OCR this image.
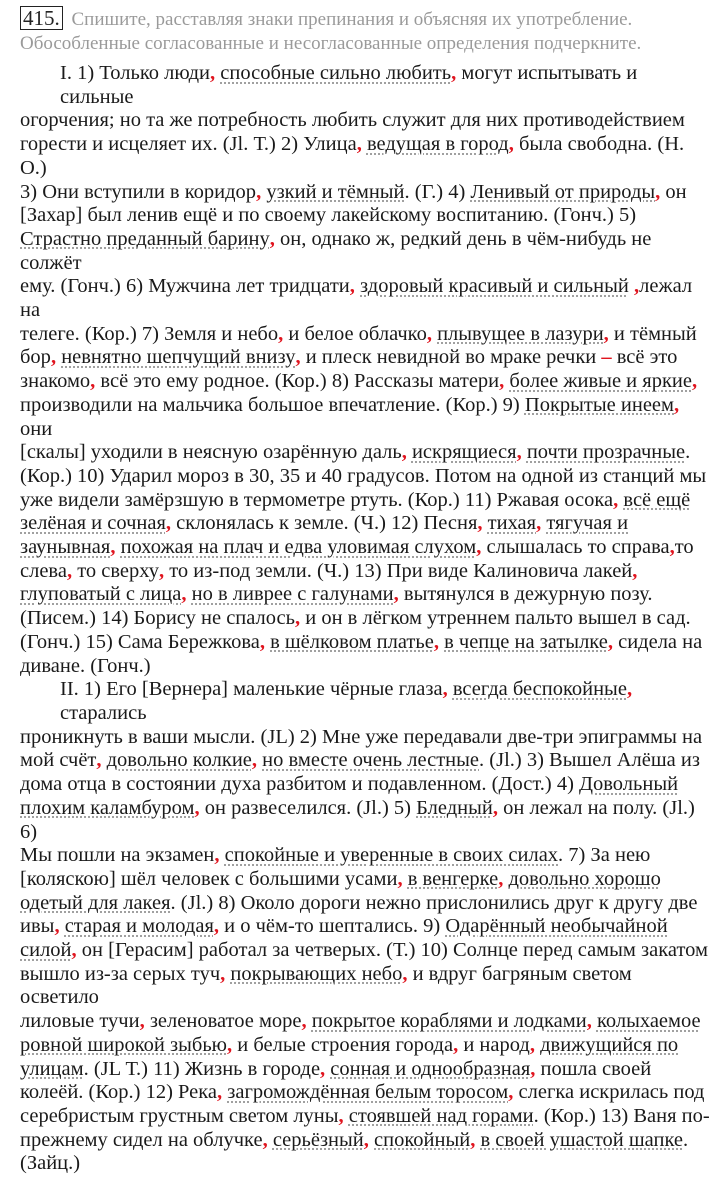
415. Спишите, расставляя знаки препинания и объясняя их употребление. Обособленные согласованные и несогласованные определения подчеркните.
I. 1) Только люди, способные сильно любить, могут испытывать и сильные
огорчения; но та же потребность любить служит для них противодействием
горести и исцеляет их. (Jl. Т.) 2) Улица, ведущая в город, была свободна. (Н. О.)
3) Они вступили в коридор, узкий и тёмный. (Г.) 4) Ленивый от природы, он
[Захар] был ленив ещё и по своему лакейскому воспитанию. (Гонч.) 5)
Страстно преданный барину, он, однако ж, редкий день в чём-нибудь не солжёт
ему. (Гонч.) 6) Мужчина лет тридцати, здоровый красивый и сильный ,лежал на
телеге. (Кор.) 7) Земля и небо, и белое облачко, плывущее в лазури, и тёмный
бор, невнятно шепчущий внизу, и плеск невидной во мраке речки – всё это
знакомо, всё это ему родное. (Кор.) 8) Рассказы матери, более живые и яркие,
производили на мальчика большое впечатление. (Кор.) 9) Покрытые инеем, они
[скалы] уходили в неясную озарённую даль, искрящиеся, почти прозрачные.
(Кор.) 10) Ударил мороз в 30, 35 и 40 градусов. Потом на одной из станций мы
уже видели замёрзшую в термометре ртуть. (Кор.) 11) Ржавая осока, всё ещё
зелёная и сочная, склонялась к земле. (Ч.) 12) Песня, тихая, тягучая и
заунывная, похожая на плач и едва уловимая слухом, слышалась то справа,то
слева, то сверху, то из-под земли. (Ч.) 13) При виде Калиновича лакей,
глуповатый с лица, но в ливрее с галунами, вытянулся в дежурную позу.
(Писем.) 14) Борису не спалось, и он в лёгком утреннем пальто вышел в сад.
(Гонч.) 15) Сама Бережкова, в шёлковом платье, в чепце на затылке, сидела на
диване. (Гонч.)
II. 1) Его [Вернера] маленькие чёрные глаза, всегда беспокойные, старались
проникнуть в ваши мысли. (JL) 2) Мне уже передавали две-три эпиграммы на
мой счёт, довольно колкие, но вместе очень лестные. (Jl.) 3) Вышел Алёша из
дома отца в состоянии духа разбитом и подавленном. (Дост.) 4) Довольный
плохим каламбуром, он развеселился. (Jl.) 5) Бледный, он лежал на полу. (Jl.) 6)
Мы пошли на экзамен, спокойные и уверенные в своих силах. 7) За нею
[коляскою] шёл человек с большими усами, в венгерке, довольно хорошо
одетый для лакея. (Jl.) 8) Около дороги нежно прислонились друг к другу две
ивы, старая и молодая, и о чём-то шептались. 9) Одарённый необычайной
силой, он [Герасим] работал за четверых. (Т.) 10) Солнце перед самым закатом
вышло из-за серых туч, покрывающих небо, и вдруг багряным светом осветило
лиловые тучи, зеленоватое море, покрытое кораблями и лодками, колыхаемое
ровной широкой зыбью, и белые строения города, и народ, движущийся по
улицам. (JL Т.) 11) Жизнь в городе, сонная и однообразная, пошла своей
колеёй. (Кор.) 12) Река, загромождённая белым торосом, слегка искрилась под
серебристым грустным светом луны, стоявшей над горами. (Кор.) 13) Ваня по-
прежнему сидел на облучке, серьёзный, спокойный, в своей ушастой шапке.
(Зайц.)
